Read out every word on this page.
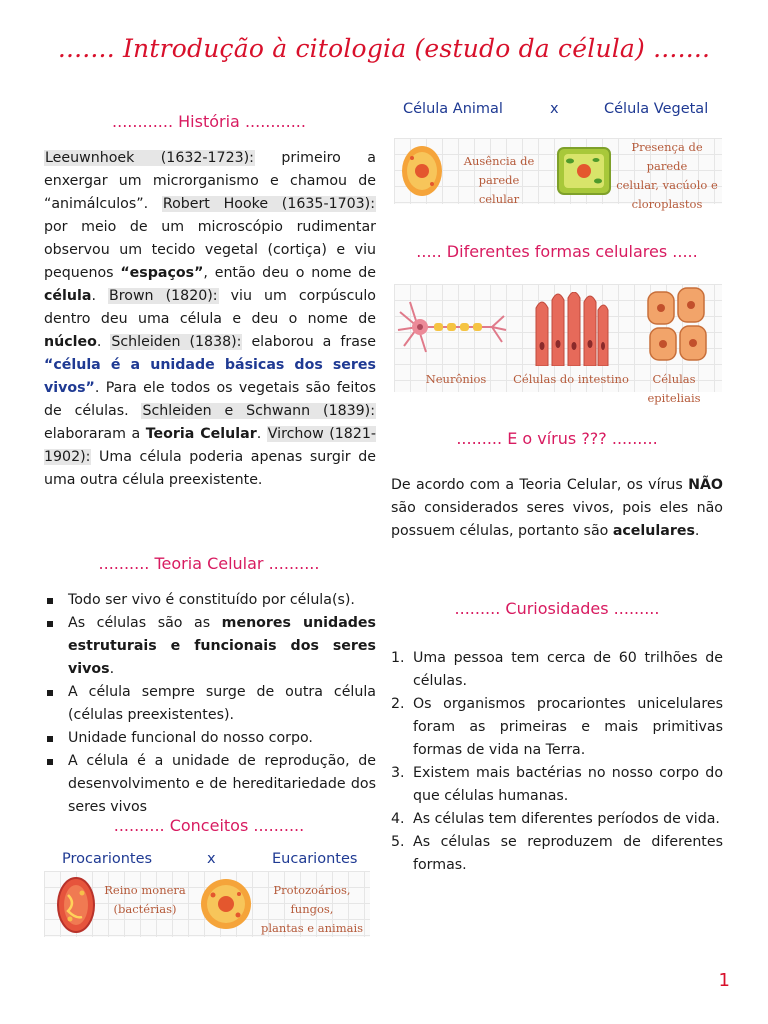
....... Introdução à citologia (estudo da célula) .......
............ História ............
Leeuwnhoek (1632-1723): primeiro a enxergar um microrganismo e chamou de “animálculos”. Robert Hooke (1635-1703): por meio de um microscópio rudimentar observou um tecido vegetal (cortiça) e viu pequenos “espaços”, então deu o nome de célula. Brown (1820): viu um corpúsculo dentro deu uma célula e deu o nome de núcleo. Schleiden (1838): elaborou a frase “célula é a unidade básicas dos seres vivos”. Para ele todos os vegetais são feitos de células. Schleiden e Schwann (1839): elaboraram a Teoria Celular. Virchow (1821-1902): Uma célula poderia apenas surgir de uma outra célula preexistente.
.......... Teoria Celular ..........
Todo ser vivo é constituído por célula(s).
As células são as menores unidades estruturais e funcionais dos seres vivos.
A célula sempre surge de outra célula (células preexistentes).
Unidade funcional do nosso corpo.
A célula é a unidade de reprodução, de desenvolvimento e de hereditariedade dos seres vivos
.......... Conceitos ..........
Procariontes	x	Eucariontes
Reino monera
(bactérias)
Protozoários, fungos,
plantas e animais
Célula Animal	x	Célula Vegetal
Ausência de parede
celular
Presença de parede
celular, vacúolo e
cloroplastos
..... Diferentes formas celulares .....
Neurônios	Células do intestino	Células epiteliais
......... E o vírus ??? .........
De acordo com a Teoria Celular, os vírus NÃO são considerados seres vivos, pois eles não possuem células, portanto são acelulares.
......... Curiosidades .........
1. Uma pessoa tem cerca de 60 trilhões de células.
2. Os organismos procariontes unicelulares foram as primeiras e mais primitivas formas de vida na Terra.
3. Existem mais bactérias no nosso corpo do que células humanas.
4. As células tem diferentes períodos de vida.
5. As células se reproduzem de diferentes formas.
1
